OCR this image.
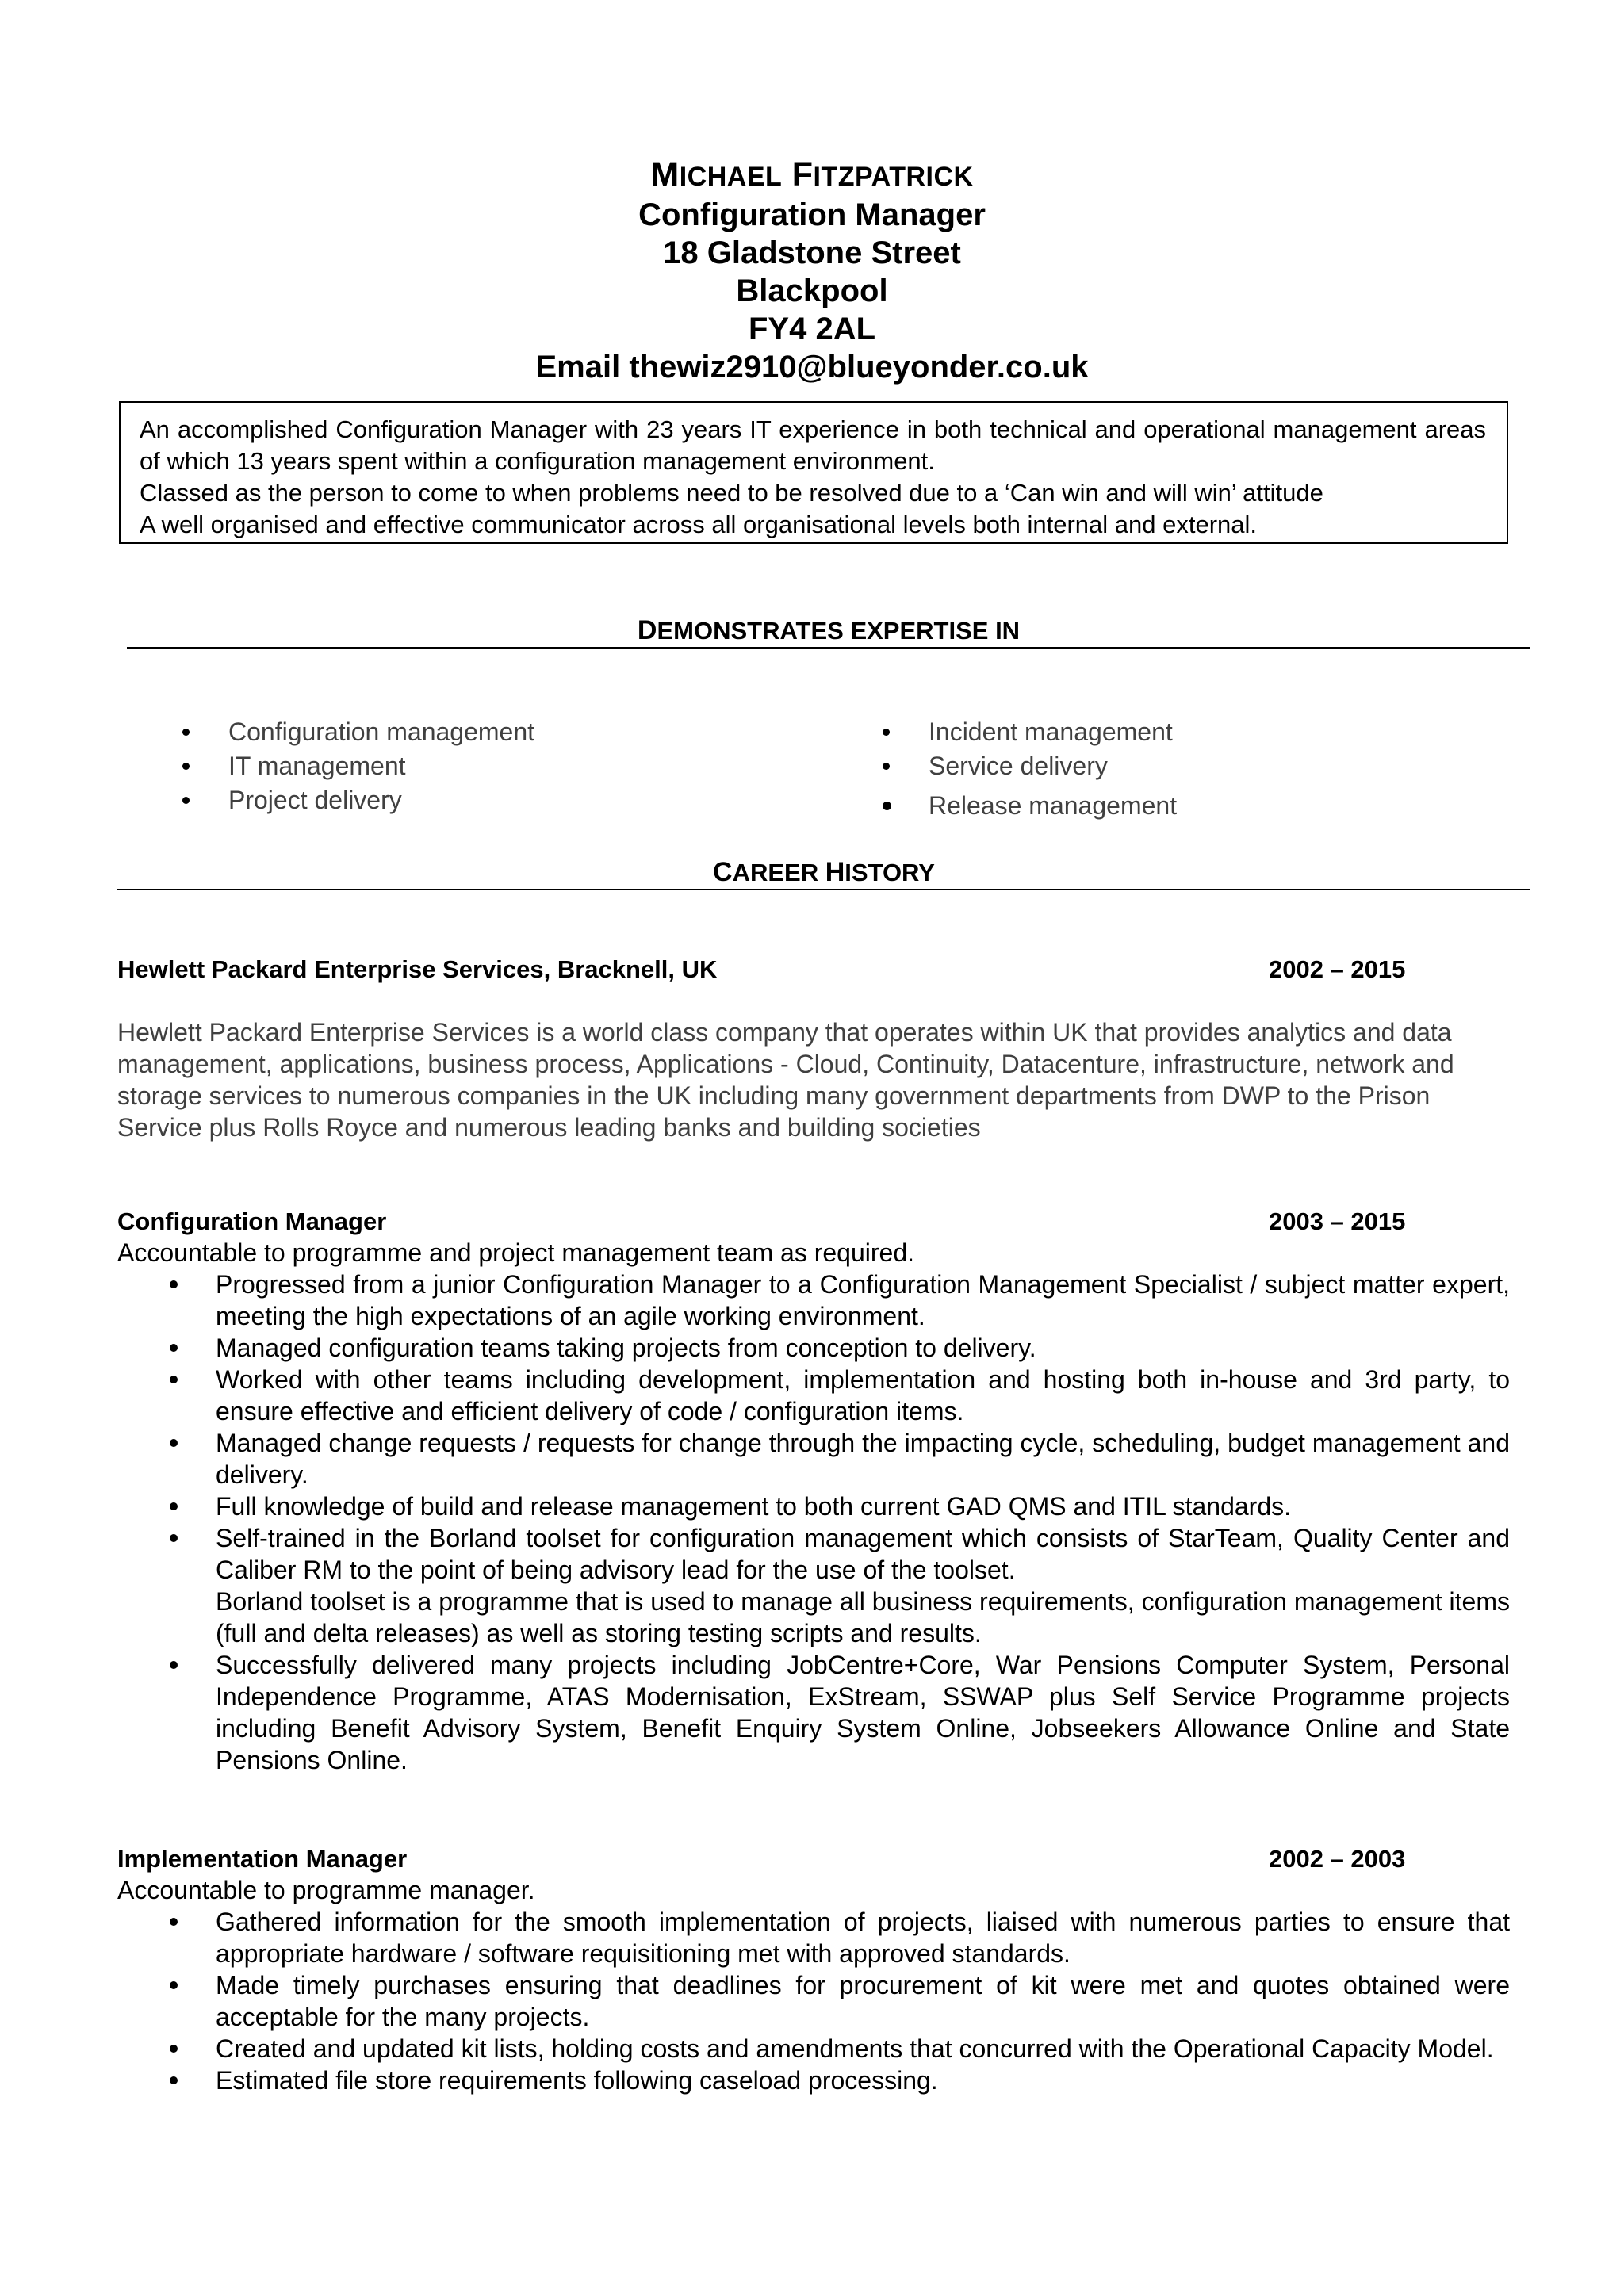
MICHAEL FITZPATRICK
Configuration Manager
18 Gladstone Street
Blackpool
FY4 2AL
Email thewiz2910@blueyonder.co.uk

An accomplished Configuration Manager with 23 years IT experience in both technical and operational management areas of which 13 years spent within a configuration management environment.

Classed as the person to come to when problems need to be resolved due to a ‘Can win and will win’ attitude

A well organised and effective communicator across all organisational levels both internal and external.

DEMONSTRATES EXPERTISE IN
Configuration management
IT management
Project delivery
Incident management
Service delivery
Release management
CAREER HISTORY
Hewlett Packard Enterprise Services, Bracknell, UK	2002 – 2015

Hewlett Packard Enterprise Services is a world class company that operates within UK that provides analytics and data management, applications, business process, Applications - Cloud, Continuity, Datacenture, infrastructure, network and storage services to numerous companies in the UK including many government departments from DWP to the Prison Service plus Rolls Royce and numerous leading banks and building societies

Configuration Manager	2003 – 2015
Accountable to programme and project management team as required.
Progressed from a junior Configuration Manager to a Configuration Management Specialist / subject matter expert, meeting the high expectations of an agile working environment.
Managed configuration teams taking projects from conception to delivery.
Worked with other teams including development, implementation and hosting both in-house and 3rd party, to ensure effective and efficient delivery of code / configuration items.
Managed change requests / requests for change through the impacting cycle, scheduling, budget management and delivery.
Full knowledge of build and release management to both current GAD QMS and ITIL standards.
Self-trained in the Borland toolset for configuration management which consists of StarTeam, Quality Center and Caliber RM to the point of being advisory lead for the use of the toolset.
Borland toolset is a programme that is used to manage all business requirements, configuration management items (full and delta releases) as well as storing testing scripts and results.
Successfully delivered many projects including JobCentre+Core, War Pensions Computer System, Personal Independence Programme, ATAS Modernisation, ExStream, SSWAP plus Self Service Programme projects including Benefit Advisory System, Benefit Enquiry System Online, Jobseekers Allowance Online and State Pensions Online.
Implementation Manager	2002 – 2003
Accountable to programme manager.
Gathered information for the smooth implementation of projects, liaised with numerous parties to ensure that appropriate hardware / software requisitioning met with approved standards.
Made timely purchases ensuring that deadlines for procurement of kit were met and quotes obtained were acceptable for the many projects.
Created and updated kit lists, holding costs and amendments that concurred with the Operational Capacity Model.
Estimated file store requirements following caseload processing.
